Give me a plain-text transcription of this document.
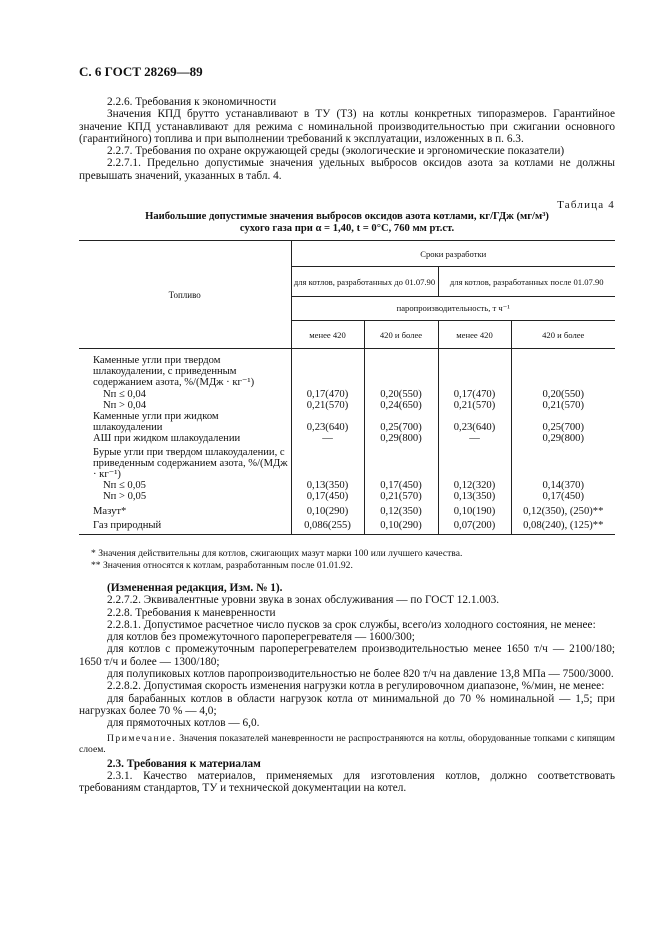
С. 6 ГОСТ 28269—89

2.2.6. Требования к экономичности

Значения КПД брутто устанавливают в ТУ (ТЗ) на котлы конкретных типоразмеров. Гарантийное значение КПД устанавливают для режима с номинальной производительностью при сжигании основного (гарантийного) топлива и при выполнении требований к эксплуатации, изложенных в п. 6.3.

2.2.7. Требования по охране окружающей среды (экологические и эргономические показатели)

2.2.7.1. Предельно допустимые значения удельных выбросов оксидов азота за котлами не должны превышать значений, указанных в табл. 4.

Таблица 4
Наибольшие допустимые значения выбросов оксидов азота котлами, кг/ГДж (мг/м³)
сухого газа при α = 1,40, t = 0°C, 760 мм рт.ст.
Топливо	Сроки разработки			
	для котлов, разработанных до 01.07.90		для котлов, разработанных после 01.07.90	
	паропроизводительность, т ч⁻¹			
	менее 420	420 и более	менее 420	420 и более
Каменные угли при твердом шлакоудалении, с приведенным содержанием азота, %/(МДж · кг⁻¹)				
Nп ≤ 0,04	0,17(470)	0,20(550)	0,17(470)	0,20(550)
Nп > 0,04	0,21(570)	0,24(650)	0,21(570)	0,21(570)
Каменные угли при жидком шлакоудалении	0,23(640)	0,25(700)	0,23(640)	0,25(700)
АШ при жидком шлакоудалении	—	0,29(800)	—	0,29(800)
Бурые угли при твердом шлакоудалении, с приведенным содержанием азота, %/(МДж · кг⁻¹)				
Nп ≤ 0,05	0,13(350)	0,17(450)	0,12(320)	0,14(370)
Nп > 0,05	0,17(450)	0,21(570)	0,13(350)	0,17(450)
Мазут*	0,10(290)	0,12(350)	0,10(190)	0,12(350), (250)**
Газ природный	0,086(255)	0,10(290)	0,07(200)	0,08(240), (125)**

* Значения действительны для котлов, сжигающих мазут марки 100 или лучшего качества.

** Значения относятся к котлам, разработанным после 01.01.92.

(Измененная редакция, Изм. № 1).

2.2.7.2. Эквивалентные уровни звука в зонах обслуживания — по ГОСТ 12.1.003.

2.2.8. Требования к маневренности

2.2.8.1. Допустимое расчетное число пусков за срок службы, всего/из холодного состояния, не менее:

для котлов без промежуточного пароперегревателя — 1600/300;

для котлов с промежуточным пароперегревателем производительностью менее 1650 т/ч — 2100/180; 1650 т/ч и более — 1300/180;

для полупиковых котлов паропроизводительностью не более 820 т/ч на давление 13,8 МПа — 7500/3000.

2.2.8.2. Допустимая скорость изменения нагрузки котла в регулировочном диапазоне, %/мин, не менее:

для барабанных котлов в области нагрузок котла от минимальной до 70 % номинальной — 1,5; при нагрузках более 70 % — 4,0;

для прямоточных котлов — 6,0.

Примечание. Значения показателей маневренности не распространяются на котлы, оборудованные топками с кипящим слоем.

2.3. Требования к материалам

2.3.1. Качество материалов, применяемых для изготовления котлов, должно соответствовать требованиям стандартов, ТУ и технической документации на котел.
